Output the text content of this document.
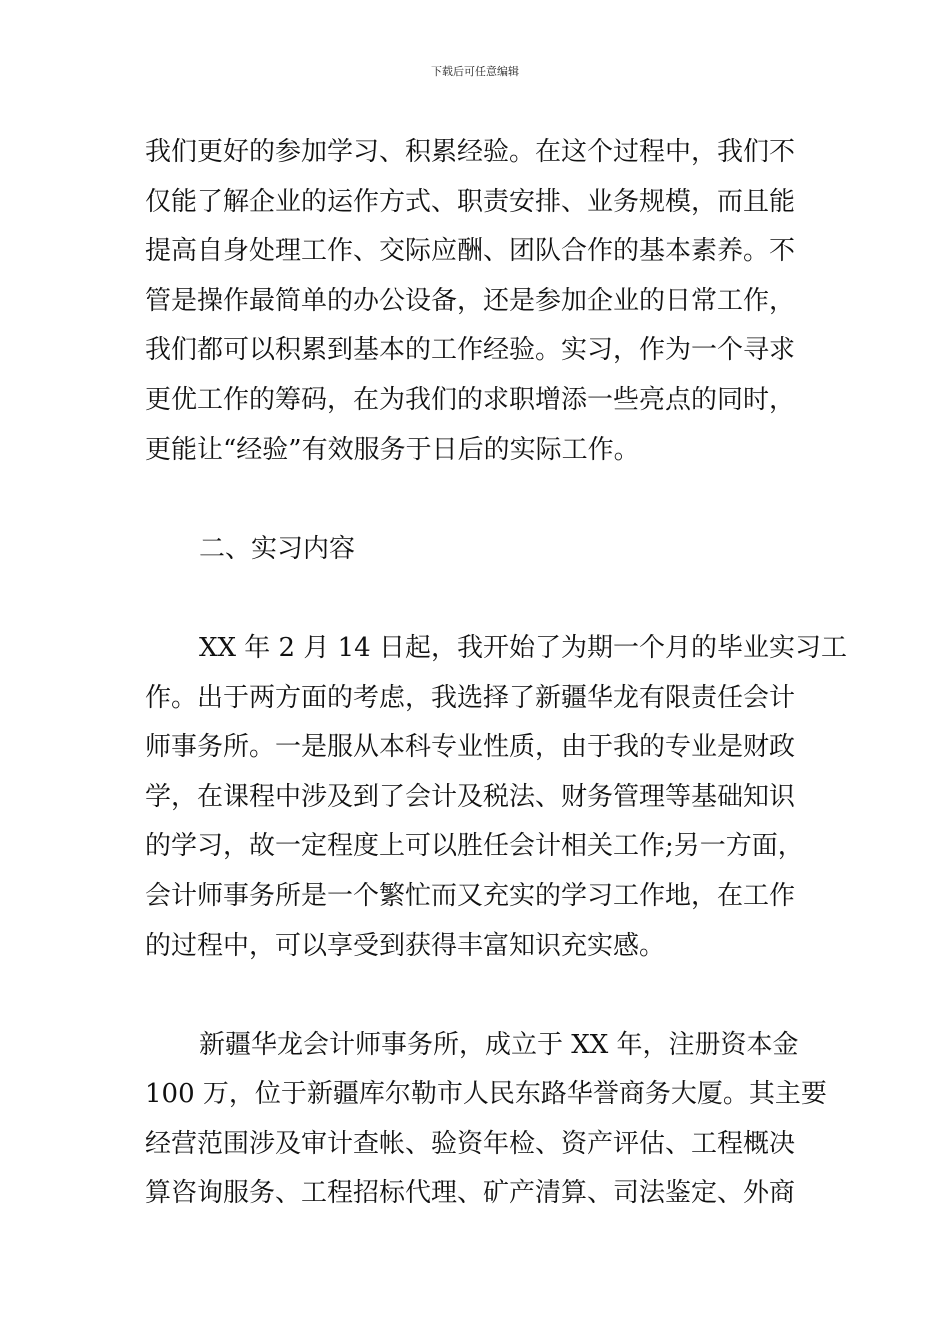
下载后可任意编辑
我们更好的参加学习、积累经验。在这个过程中，我们不
仅能了解企业的运作方式、职责安排、业务规模，而且能
提高自身处理工作、交际应酬、团队合作的基本素养。不
管是操作最简单的办公设备，还是参加企业的日常工作，
我们都可以积累到基本的工作经验。实习，作为一个寻求
更优工作的筹码，在为我们的求职增添一些亮点的同时，
更能让“经验”有效服务于日后的实际工作。
二、实习内容
XX 年 2 月 14 日起，我开始了为期一个月的毕业实习工
作。出于两方面的考虑，我选择了新疆华龙有限责任会计
师事务所。一是服从本科专业性质，由于我的专业是财政
学，在课程中涉及到了会计及税法、财务管理等基础知识
的学习，故一定程度上可以胜任会计相关工作;另一方面，
会计师事务所是一个繁忙而又充实的学习工作地，在工作
的过程中，可以享受到获得丰富知识充实感。
新疆华龙会计师事务所，成立于 XX 年，注册资本金
100 万，位于新疆库尔勒市人民东路华誉商务大厦。其主要
经营范围涉及审计查帐、验资年检、资产评估、工程概决
算咨询服务、工程招标代理、矿产清算、司法鉴定、外商
